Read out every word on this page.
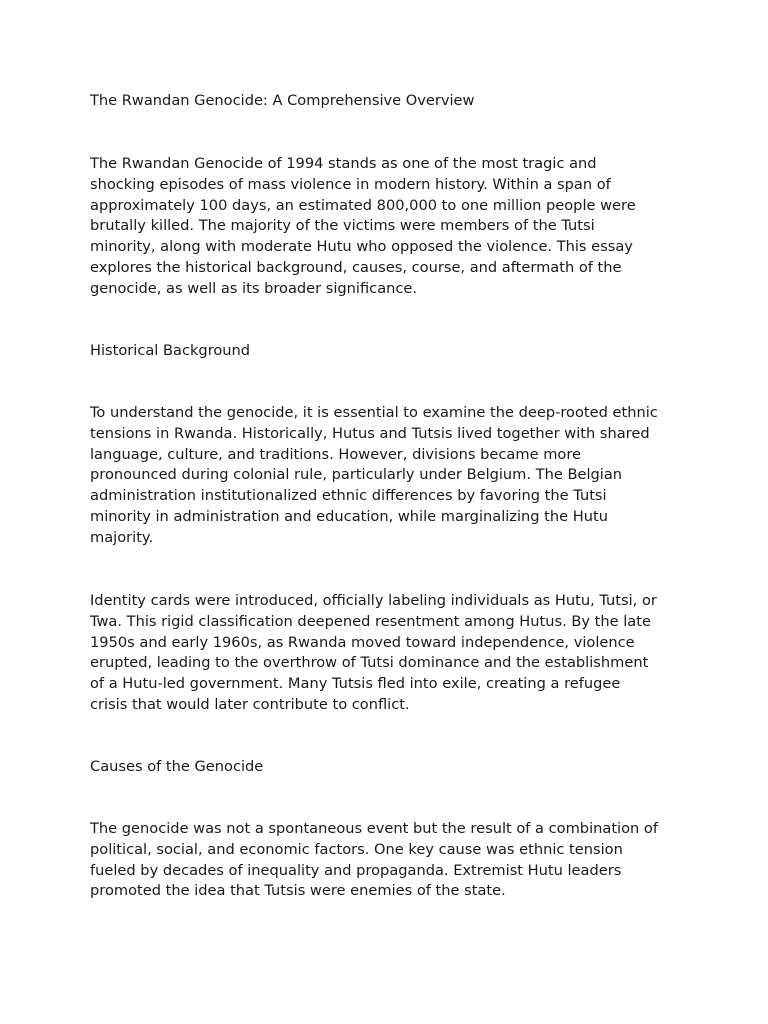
The Rwandan Genocide: A Comprehensive Overview

The Rwandan Genocide of 1994 stands as one of the most tragic and
shocking episodes of mass violence in modern history. Within a span of
approximately 100 days, an estimated 800,000 to one million people were
brutally killed. The majority of the victims were members of the Tutsi
minority, along with moderate Hutu who opposed the violence. This essay
explores the historical background, causes, course, and aftermath of the
genocide, as well as its broader significance.

Historical Background

To understand the genocide, it is essential to examine the deep-rooted ethnic
tensions in Rwanda. Historically, Hutus and Tutsis lived together with shared
language, culture, and traditions. However, divisions became more
pronounced during colonial rule, particularly under Belgium. The Belgian
administration institutionalized ethnic differences by favoring the Tutsi
minority in administration and education, while marginalizing the Hutu
majority.

Identity cards were introduced, officially labeling individuals as Hutu, Tutsi, or
Twa. This rigid classification deepened resentment among Hutus. By the late
1950s and early 1960s, as Rwanda moved toward independence, violence
erupted, leading to the overthrow of Tutsi dominance and the establishment
of a Hutu-led government. Many Tutsis fled into exile, creating a refugee
crisis that would later contribute to conflict.

Causes of the Genocide

The genocide was not a spontaneous event but the result of a combination of
political, social, and economic factors. One key cause was ethnic tension
fueled by decades of inequality and propaganda. Extremist Hutu leaders
promoted the idea that Tutsis were enemies of the state.
